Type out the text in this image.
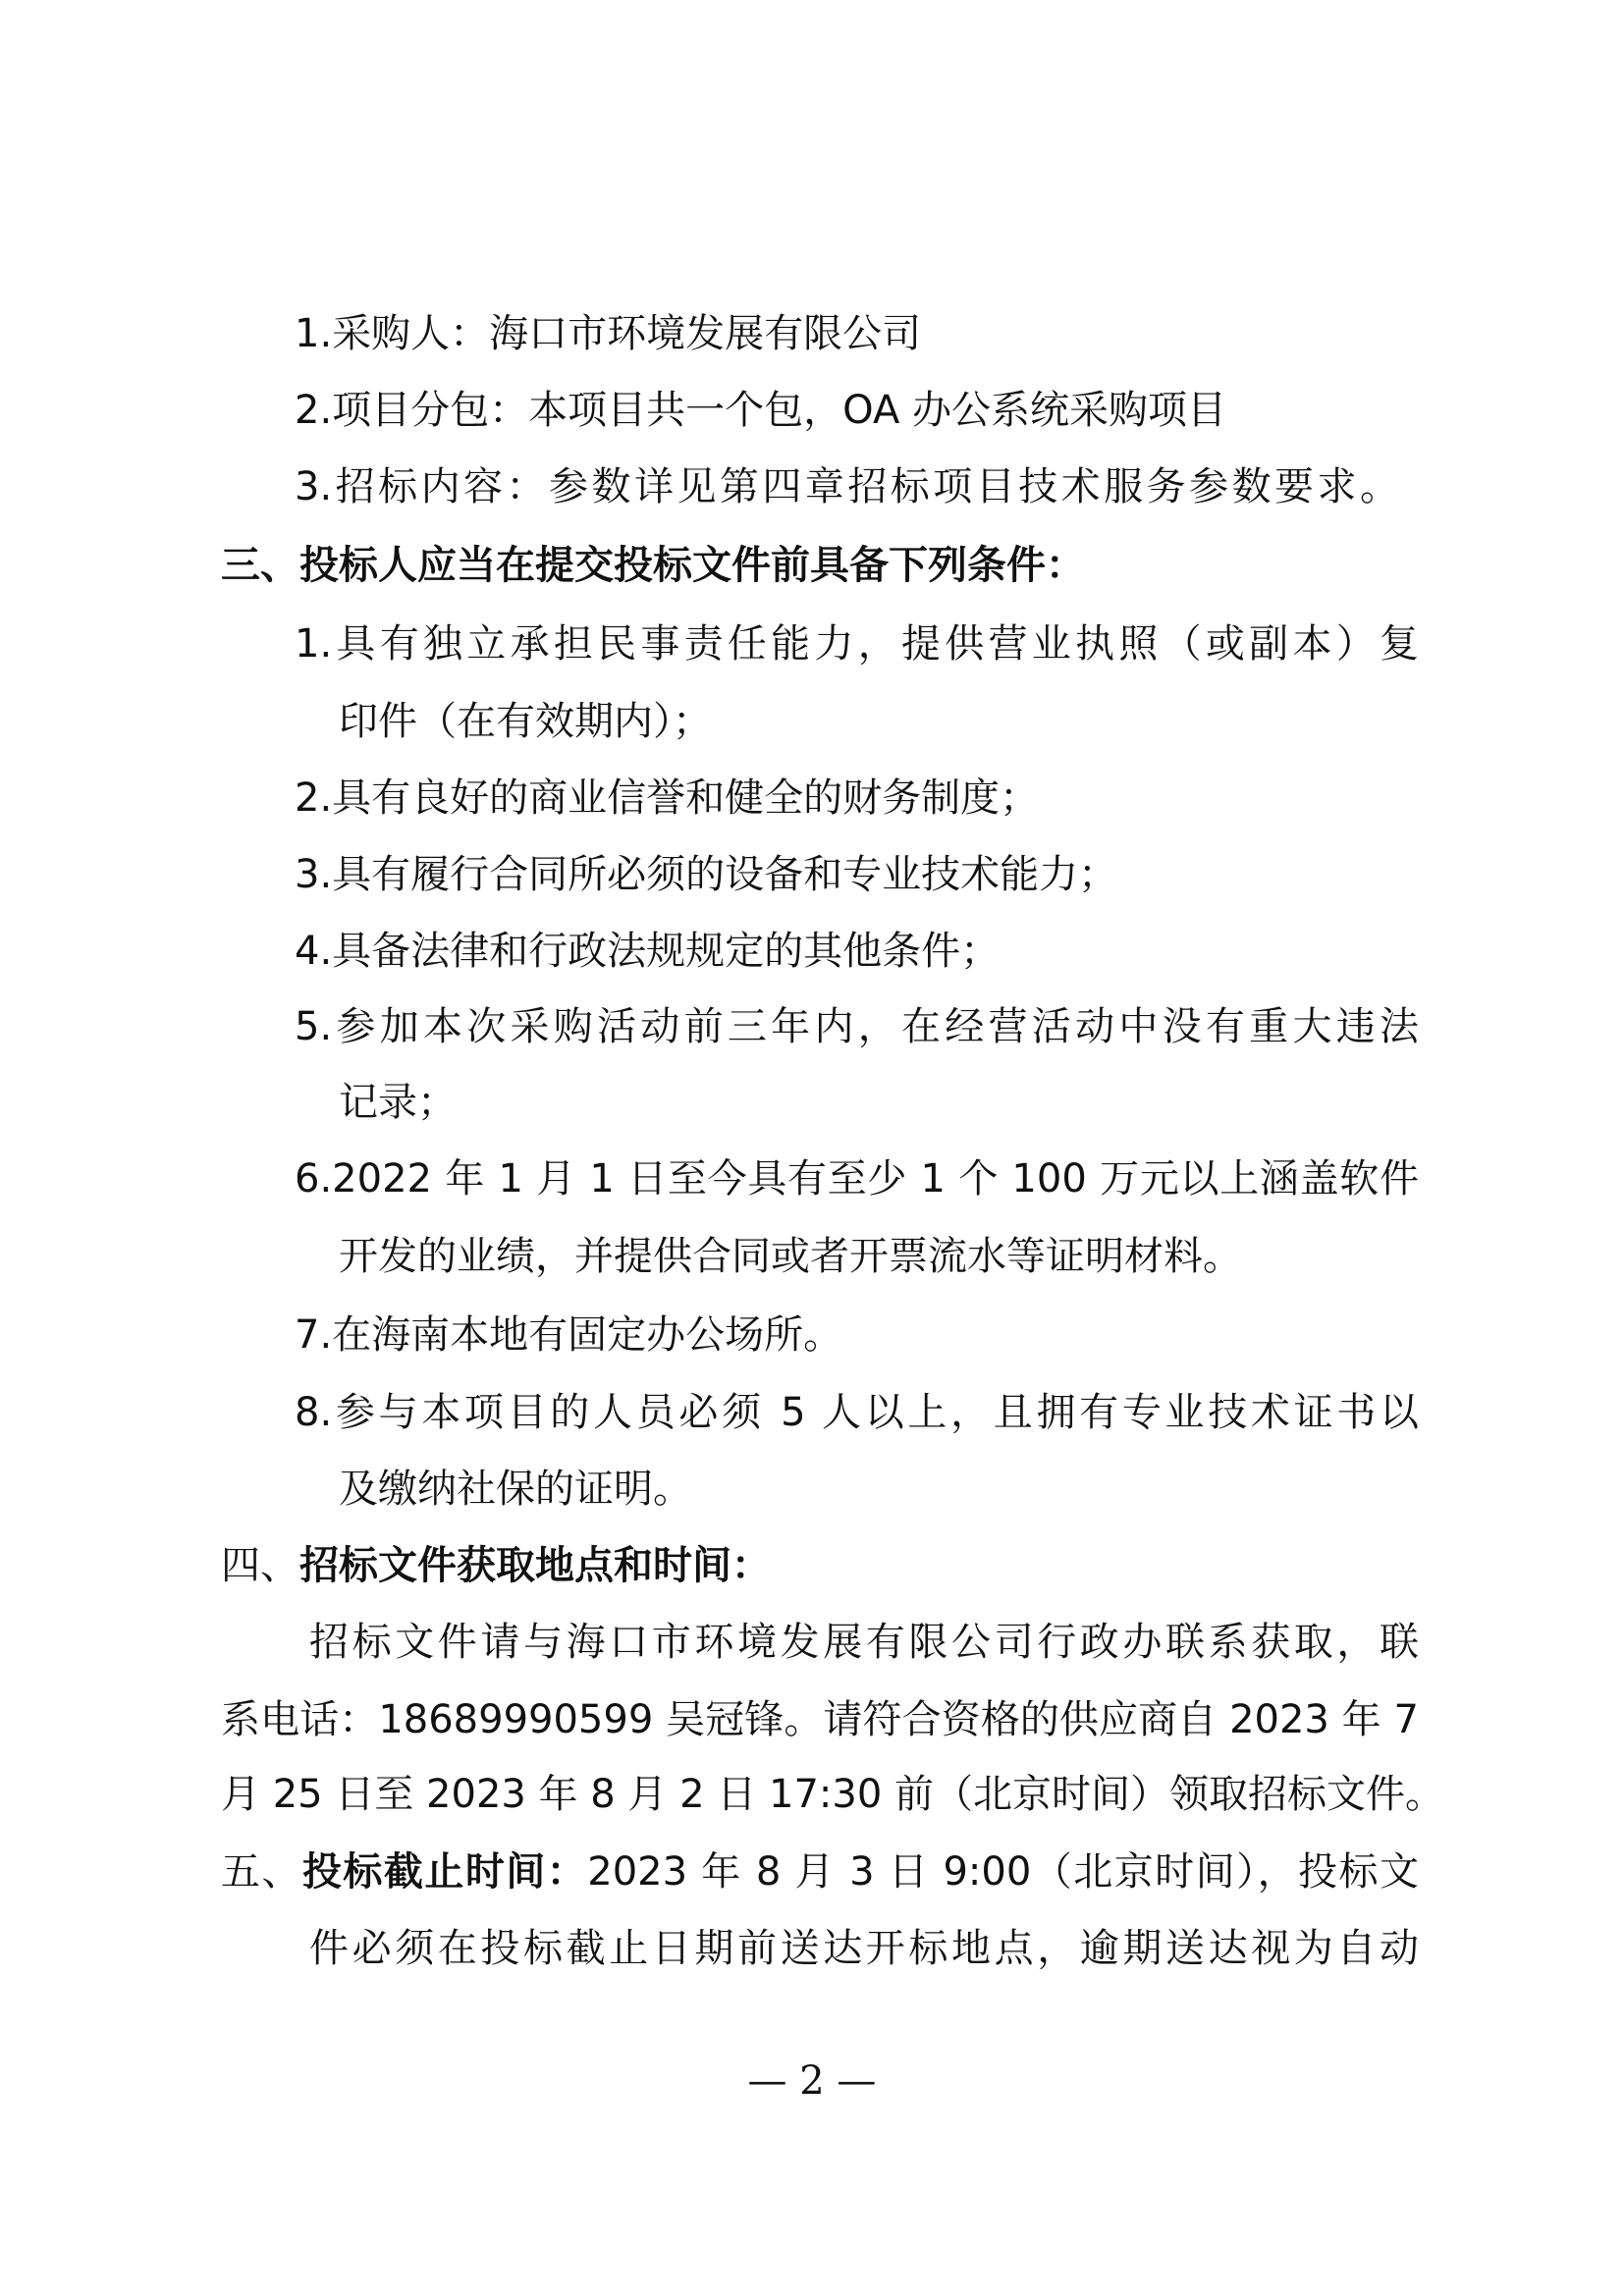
1.采购人：海口市环境发展有限公司
2.项目分包：本项目共一个包，OA 办公系统采购项目
3.招标内容：参数详见第四章招标项目技术服务参数要求。
三、投标人应当在提交投标文件前具备下列条件：
1.具有独立承担民事责任能力，提供营业执照（或副本）复
印件（在有效期内）；
2.具有良好的商业信誉和健全的财务制度；
3.具有履行合同所必须的设备和专业技术能力；
4.具备法律和行政法规规定的其他条件；
5.参加本次采购活动前三年内，在经营活动中没有重大违法
记录；
6.2022 年 1 月 1 日至今具有至少 1 个 100 万元以上涵盖软件
开发的业绩，并提供合同或者开票流水等证明材料。
7.在海南本地有固定办公场所。
8.参与本项目的人员必须 5 人以上，且拥有专业技术证书以
及缴纳社保的证明。
四、招标文件获取地点和时间：
招标文件请与海口市环境发展有限公司行政办联系获取，联
系电话：18689990599 吴冠锋。请符合资格的供应商自 2023 年 7
月 25 日至 2023 年 8 月 2 日 17:30 前（北京时间）领取招标文件。
五、投标截止时间：2023 年 8 月 3 日 9:00（北京时间），投标文
件必须在投标截止日期前送达开标地点，逾期送达视为自动
— 2 —
